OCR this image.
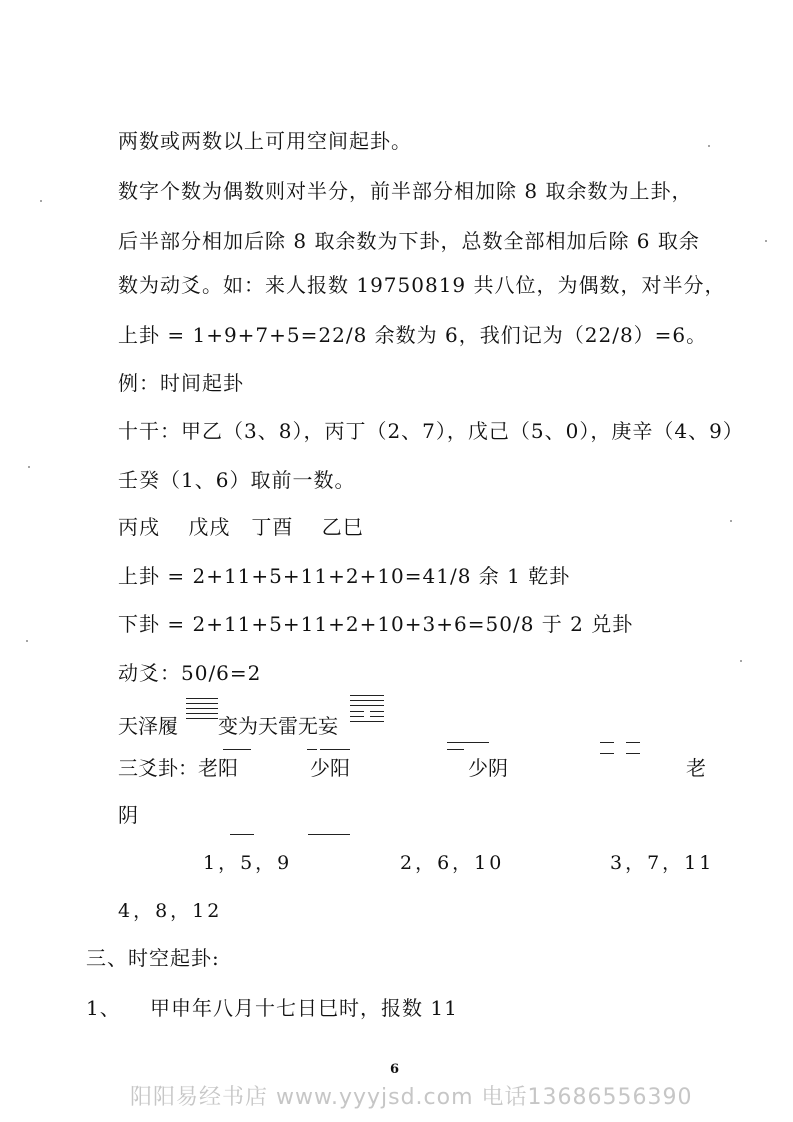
两数或两数以上可用空间起卦。
数字个数为偶数则对半分，前半部分相加除 8 取余数为上卦，
后半部分相加后除 8 取余数为下卦，总数全部相加后除 6 取余
数为动爻。如：来人报数 19750819 共八位，为偶数，对半分，
上卦 = 1+9+7+5=22/8 余数为 6，我们记为（22/8）=6。
例：时间起卦
十干：甲乙（3、8），丙丁（2、7），戊己（5、0），庚辛（4、9）
壬癸（1、6）取前一数。
丙戌　 戊戌　丁酉　 乙巳
上卦 = 2+11+5+11+2+10=41/8 余 1 乾卦
下卦 = 2+11+5+11+2+10+3+6=50/8 于 2 兑卦
动爻：50/6=2
天泽履 变为天雷无妄
三爻卦：老阳	少阳	少阴	老
阴
1，5，9	2，6，10	3，7，11
4，8，12
三、时空起卦:
1、 甲申年八月十七日巳时，报数 11
6
阳阳易经书店 www.yyyjsd.com 电话13686556390
